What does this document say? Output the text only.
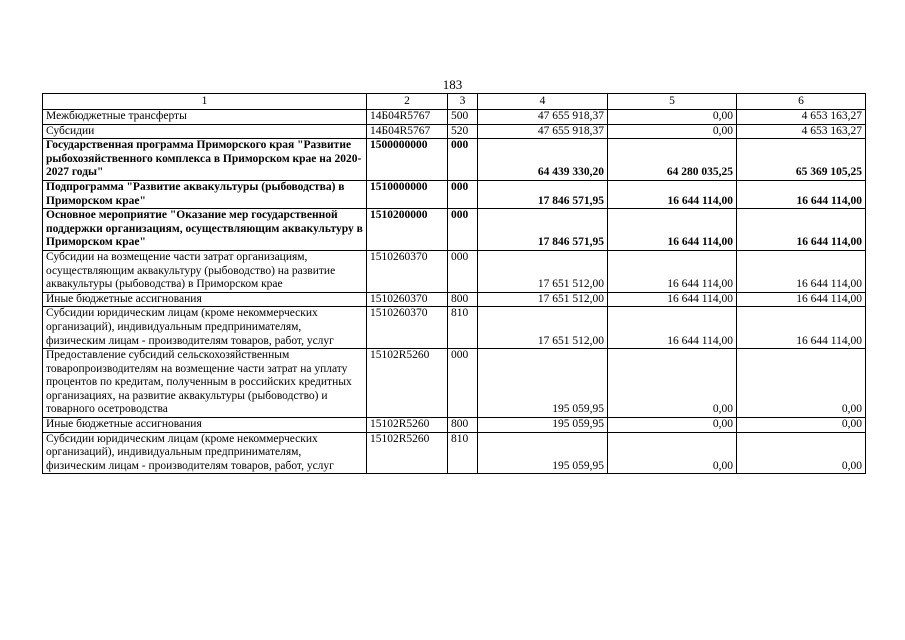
183
1	2	3	4	5	6
Межбюджетные трансферты	14Б04R5767	500	47 655 918,37	0,00	4 653 163,27
Субсидии	14Б04R5767	520	47 655 918,37	0,00	4 653 163,27
Государственная программа Приморского края "Развитие рыбохозяйственного комплекса в Приморском крае на 2020-2027 годы"	1500000000	000	64 439 330,20	64 280 035,25	65 369 105,25
Подпрограмма "Развитие аквакультуры (рыбоводства) в Приморском крае"	1510000000	000	17 846 571,95	16 644 114,00	16 644 114,00
Основное мероприятие "Оказание мер государственной поддержки организациям, осуществляющим аквакультуру в Приморском крае"	1510200000	000	17 846 571,95	16 644 114,00	16 644 114,00
Субсидии на возмещение части затрат организациям, осуществляющим аквакультуру (рыбоводство) на развитие аквакультуры (рыбоводства) в Приморском крае	1510260370	000	17 651 512,00	16 644 114,00	16 644 114,00
Иные бюджетные ассигнования	1510260370	800	17 651 512,00	16 644 114,00	16 644 114,00
Субсидии юридическим лицам (кроме некоммерческих организаций), индивидуальным предпринимателям, физическим лицам - производителям товаров, работ, услуг	1510260370	810	17 651 512,00	16 644 114,00	16 644 114,00
Предоставление субсидий сельскохозяйственным товаропроизводителям на возмещение части затрат на уплату процентов по кредитам, полученным в российских кредитных организациях, на развитие аквакультуры (рыбоводство) и товарного осетроводства	15102R5260	000	195 059,95	0,00	0,00
Иные бюджетные ассигнования	15102R5260	800	195 059,95	0,00	0,00
Субсидии юридическим лицам (кроме некоммерческих организаций), индивидуальным предпринимателям, физическим лицам - производителям товаров, работ, услуг	15102R5260	810	195 059,95	0,00	0,00
